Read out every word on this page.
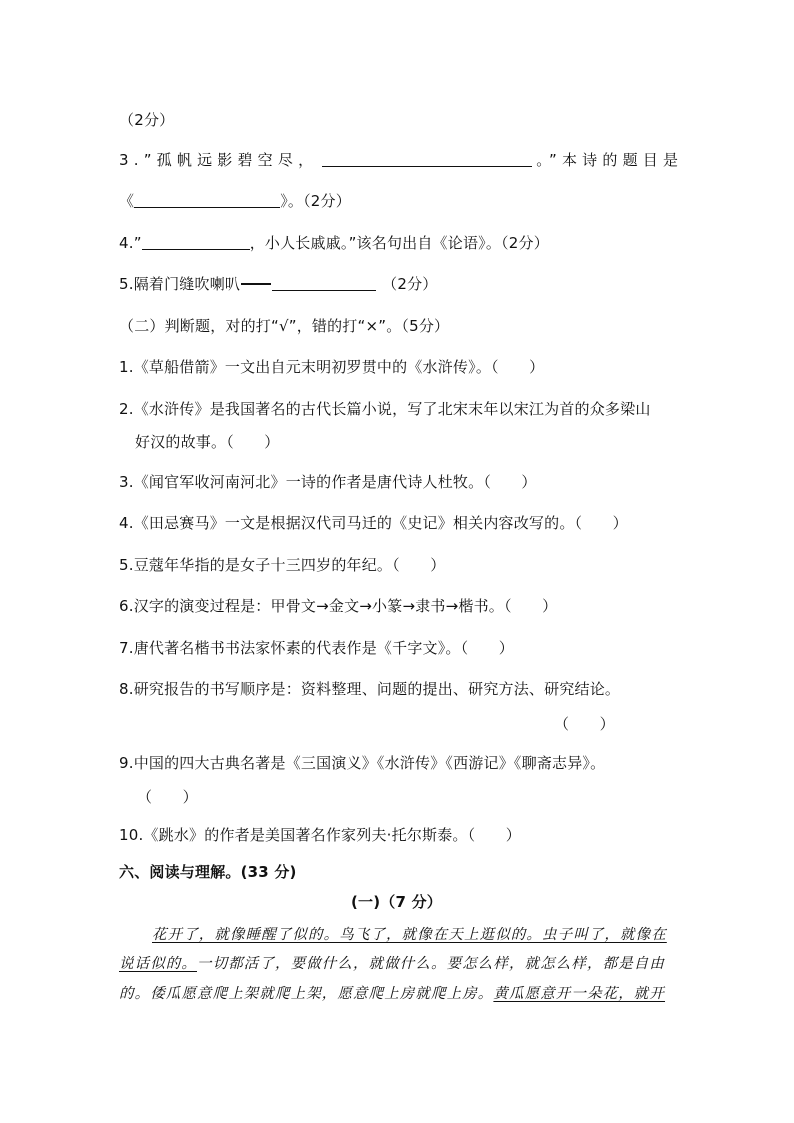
（2分）
3.”孤帆远影碧空尽，	。”本诗的题目是
《	》。（2分）
4.”	，小人长戚戚。”该名句出自《论语》。（2分）
5.隔着门缝吹喇叭	（2分）
（二）判断题，对的打“√”，错的打“×”。（5分）
1.《草船借箭》一文出自元末明初罗贯中的《水浒传》。（　　）
2.《水浒传》是我国著名的古代长篇小说，写了北宋末年以宋江为首的众多梁山
好汉的故事。（　　）
3.《闻官军收河南河北》一诗的作者是唐代诗人杜牧。（　　）
4.《田忌赛马》一文是根据汉代司马迁的《史记》相关内容改写的。（　　）
5.豆蔻年华指的是女子十三四岁的年纪。（　　）
6.汉字的演变过程是：甲骨文→金文→小篆→隶书→楷书。（　　）
7.唐代著名楷书书法家怀素的代表作是《千字文》。（　　）
8.研究报告的书写顺序是：资料整理、问题的提出、研究方法、研究结论。
（　　）
9.中国的四大古典名著是《三国演义》《水浒传》《西游记》《聊斋志异》。
（　　）
10.《跳水》的作者是美国著名作家列夫·托尔斯泰。（　　）
六、阅读与理解。(33 分)
(一)（7 分）
花开了，就像睡醒了似的。鸟飞了，就像在天上逛似的。虫子叫了，就像在
说话似的。一切都活了，要做什么，就做什么。要怎么样，就怎么样，都是自由
的。倭瓜愿意爬上架就爬上架，愿意爬上房就爬上房。黄瓜愿意开一朵花，就开
